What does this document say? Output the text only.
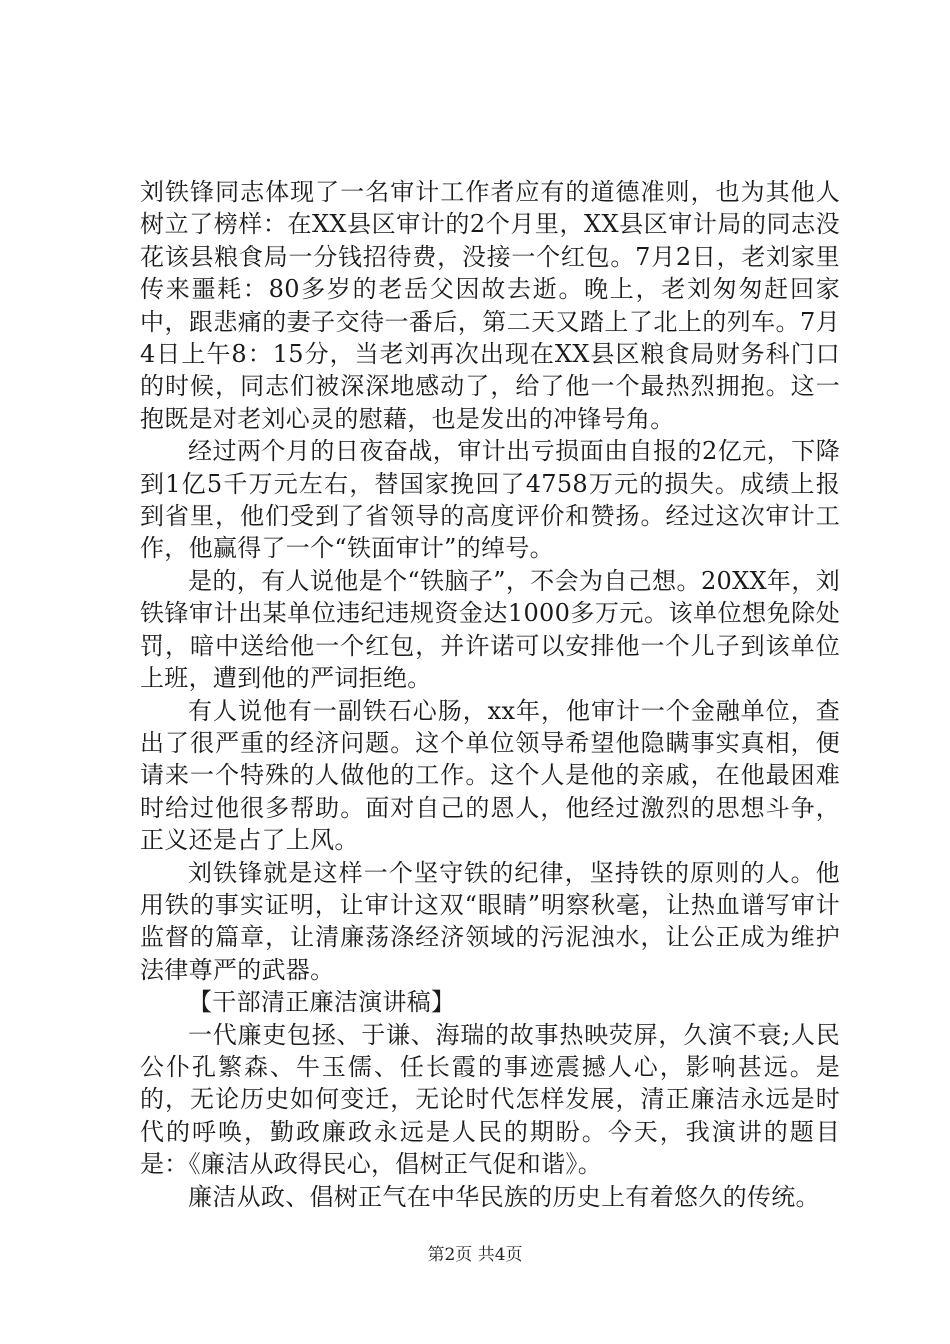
刘铁锋同志体现了一名审计工作者应有的道德准则，也为其他人树立了榜样：在XX县区审计的2个月里，XX县区审计局的同志没花该县粮食局一分钱招待费，没接一个红包。7月2日，老刘家里传来噩耗：80多岁的老岳父因故去逝。晚上，老刘匆匆赶回家中，跟悲痛的妻子交待一番后，第二天又踏上了北上的列车。7月4日上午8：15分，当老刘再次出现在XX县区粮食局财务科门口的时候，同志们被深深地感动了，给了他一个最热烈拥抱。这一抱既是对老刘心灵的慰藉，也是发出的冲锋号角。

经过两个月的日夜奋战，审计出亏损面由自报的2亿元，下降到1亿5千万元左右，替国家挽回了4758万元的损失。成绩上报到省里，他们受到了省领导的高度评价和赞扬。经过这次审计工作，他赢得了一个“铁面审计”的绰号。

是的，有人说他是个“铁脑子”，不会为自己想。20XX年，刘铁锋审计出某单位违纪违规资金达1000多万元。该单位想免除处罚，暗中送给他一个红包，并许诺可以安排他一个儿子到该单位上班，遭到他的严词拒绝。

有人说他有一副铁石心肠，xx年，他审计一个金融单位，查出了很严重的经济问题。这个单位领导希望他隐瞒事实真相，便请来一个特殊的人做他的工作。这个人是他的亲戚，在他最困难时给过他很多帮助。面对自己的恩人，他经过激烈的思想斗争，正义还是占了上风。

刘铁锋就是这样一个坚守铁的纪律，坚持铁的原则的人。他用铁的事实证明，让审计这双“眼睛”明察秋毫，让热血谱写审计监督的篇章，让清廉荡涤经济领域的污泥浊水，让公正成为维护法律尊严的武器。

【干部清正廉洁演讲稿】

一代廉吏包拯、于谦、海瑞的故事热映荧屏，久演不衰;人民公仆孔繁森、牛玉儒、任长霞的事迹震撼人心，影响甚远。是的，无论历史如何变迁，无论时代怎样发展，清正廉洁永远是时代的呼唤，勤政廉政永远是人民的期盼。今天，我演讲的题目是：《廉洁从政得民心，倡树正气促和谐》。

廉洁从政、倡树正气在中华民族的历史上有着悠久的传统。

第2页 共4页
